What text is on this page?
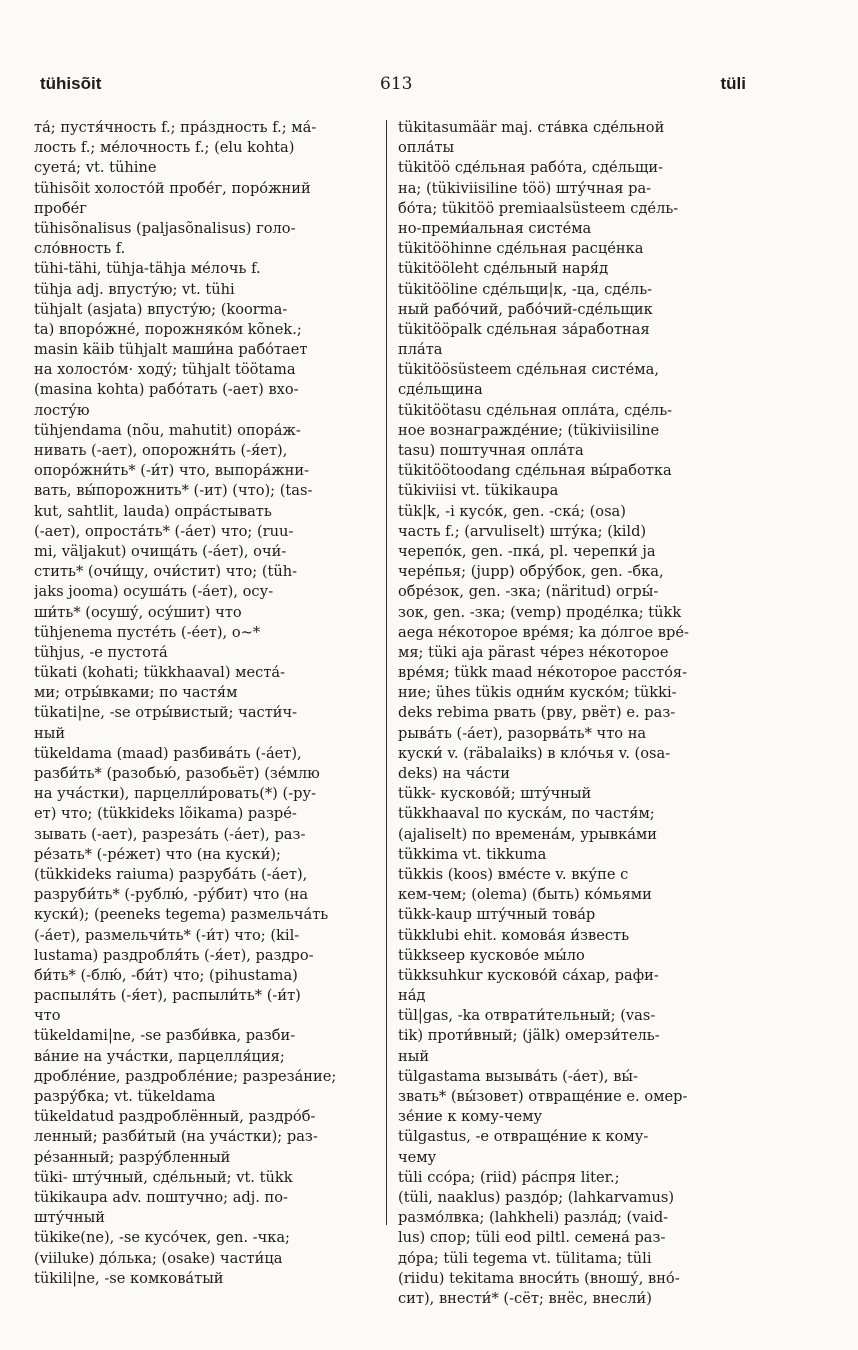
tühisõit	613	tüli
та́; пустя́чность f.; пра́здность f.; ма́-
лость f.; ме́лочность f.; (elu kohta)
суета́; vt. tühine
tühisõit холосто́й пробе́г, поро́жний
пробе́г
tühisõnalisus (paljasõnalisus) голо-
сло́вность f.
tühi-tähi, tühja-tähja ме́лочь f.
tühja adj. впусту́ю; vt. tühi
tühjalt (asjata) впусту́ю; (koorma-
ta) впоро́жне́, порожняко́м kõnek.;
masin käib tühjalt маши́на рабо́тает
на холосто́м· ходу́; tühjalt töötama
(masina kohta) рабо́тать (-ает) вхо-
лосту́ю
tühjendama (nõu, mahutit) опора́ж-
нивать (-ает), опорожня́ть (-я́ет),
опоро́жни́ть* (-и́т) что, выпора́жни-
вать, вы́порожнить* (-ит) (что); (tas-
kut, sahtlit, lauda) опра́стывать
(-ает), опроста́ть* (-а́ет) что; (ruu-
mi, väljakut) очища́ть (-а́ет), очи́-
стить* (очи́щу, очи́стит) что; (tüh-
jaks jooma) осуша́ть (-а́ет), осу-
ши́ть* (осушу́, осу́шит) что
tühjenema пусте́ть (-е́ет), о~*
tühjus, -e пустота́
tükati (kohati; tükkhaaval) места́-
ми; отры́вками; по частя́м
tükati|ne, -se отры́вистый; части́ч-
ный
tükeldama (maad) разбива́ть (-а́ет),
разби́ть* (разобью́, разобьёт) (зе́млю
на уча́стки), парцелли́ровать(*) (-ру-
ет) что; (tükkideks lõikama) разре́-
зывать (-ает), разреза́ть (-а́ет), раз-
ре́зать* (-ре́жет) что (на куски́);
(tükkideks raiuma) разруба́ть (-а́ет),
разруби́ть* (-рублю́, -ру́бит) что (на
куски́); (peeneks tegema) размельча́ть
(-а́ет), размельчи́ть* (-и́т) что; (kil-
lustama) раздробля́ть (-я́ет), раздро-
би́ть* (-блю́, -би́т) что; (pihustama)
распыля́ть (-я́ет), распыли́ть* (-и́т)
что
tükeldami|ne, -se разби́вка, разби-
ва́ние на уча́стки, парцелля́ция;
дробле́ние, раздробле́ние; разреза́ние;
разру́бка; vt. tükeldama
tükeldatud раздроблённый, раздро́б-
ленный; разби́тый (на уча́стки); раз-
ре́занный; разру́бленный
tüki- шту́чный, сде́льный; vt. tükk
tükikaupa adv. поштучно; adj. по-
шту́чный
tükike(ne), -se кусо́чек, gen. -чка;
(viiluke) до́лька; (osake) части́ца
tükili|ne, -se комкова́тый
tükitasumäär maj. ста́вка сде́льной
опла́ты
tükitöö сде́льная рабо́та, сде́льщи-
на; (tükiviisiline töö) шту́чная ра-
бо́та; tükitöö premiaalsüsteem сде́ль-
но-преми́альная систе́ма
tükitööhinne сде́льная расце́нка
tükitööleht сде́льный наря́д
tükitööline сде́льщи|к, -ца, сде́ль-
ный рабо́чий, рабо́чий-сде́льщик
tükitööpalk сде́льная за́работная
пла́та
tükitöösüsteem сде́льная систе́ма,
сде́льщина
tükitöötasu сде́льная опла́та, сде́ль-
ное вознагражде́ние; (tükiviisiline
tasu) поштучная опла́та
tükitöötoodang сде́льная вы́работка
tükiviisi vt. tükikaupa
tük|k, -i кусо́к, gen. -ска́; (osa)
часть f.; (arvuliselt) шту́ка; (kild)
черепо́к, gen. -пка́, pl. черепки́ ja
чере́пья; (jupp) обру́бок, gen. -бка,
обре́зок, gen. -зка; (näritud) огры́-
зок, gen. -зка; (vemp) проде́лка; tükk
aega не́которое вре́мя; ka до́лгое вре́-
мя; tüki aja pärast че́рез не́которое
вре́мя; tükk maad не́которое рассто́я-
ние; ühes tükis одни́м куско́м; tükki-
deks rebima рвать (рву, рвёт) е. раз-
рыва́ть (-а́ет), разорва́ть* что на
куски́ v. (räbalaiks) в кло́чья v. (osa-
deks) на ча́сти
tükk- кусково́й; шту́чный
tükkhaaval по куска́м, по частя́м;
(ajaliselt) по времена́м, урывка́ми
tükkima vt. tikkuma
tükkis (koos) вме́сте v. вку́пе с
кем-чем; (olema) (быть) ко́мьями
tükk-kaup шту́чный това́р
tükklubi ehit. комова́я и́звесть
tükkseep кусково́е мы́ло
tükksuhkur кусково́й са́хар, рафи-
на́д
tül|gas, -ka отврати́тельный; (vas-
tik) проти́вный; (jälk) омерзи́тель-
ный
tülgastama вызыва́ть (-а́ет), вы́-
звать* (вы́зовет) отвраще́ние е. омер-
зе́ние к кому-чему
tülgastus, -e отвраще́ние к кому-
чему
tüli ссо́ра; (riid) ра́спря liter.;
(tüli, naaklus) раздо́р; (lahkarvamus)
размо́лвка; (lahkheli) разла́д; (vaid-
lus) спор; tüli eod piltl. семена́ раз-
до́ра; tüli tegema vt. tülitama; tüli
(riidu) tekitama вноси́ть (вношу́, вно́-
сит), внести́* (-сёт; внёс, внесли́)
